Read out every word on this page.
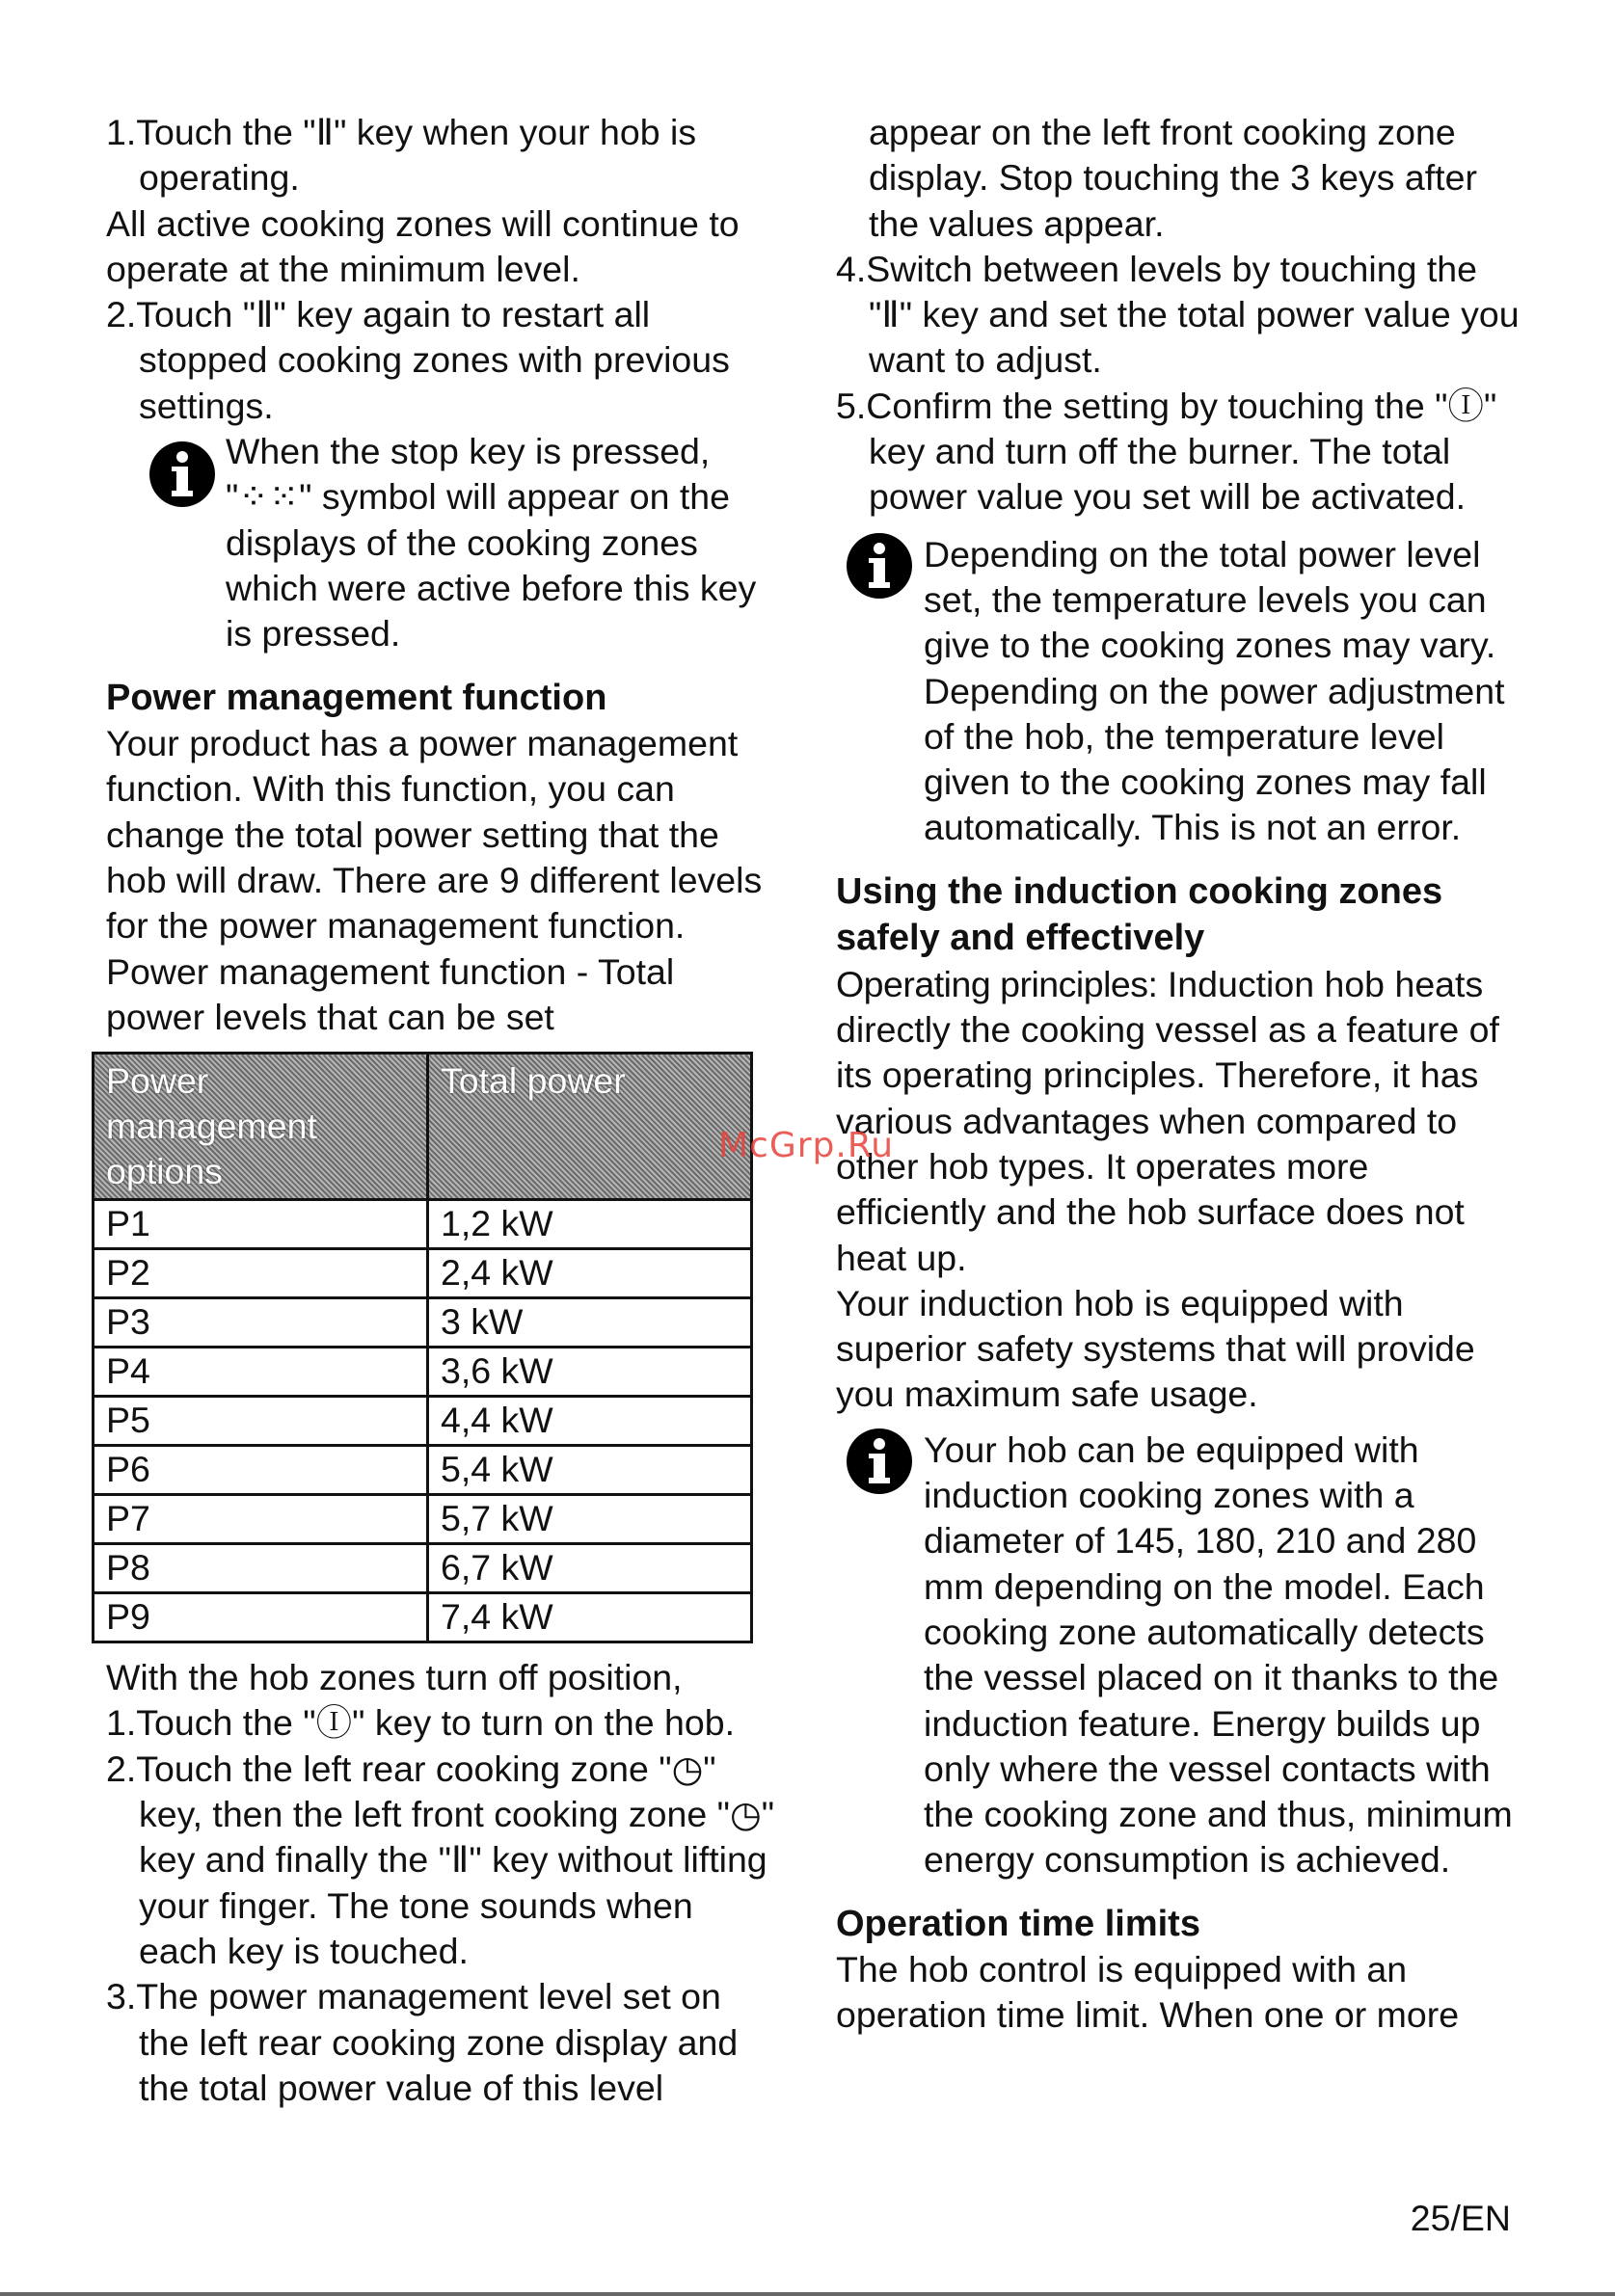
1.Touch the "Ⅱ" key when your hob is operating.

All active cooking zones will continue to operate at the minimum level.

2.Touch "Ⅱ" key again to restart all stopped cooking zones with previous settings.

When the stop key is pressed, "⁘⁙" symbol will appear on the displays of the cooking zones which were active before this key is pressed.

Power management function

Your product has a power management function. With this function, you can change the total power setting that the hob will draw. There are 9 different levels for the power management function.

Power management function - Total power levels that can be set

Power management options	Total power
P1	1,2 kW
P2	2,4 kW
P3	3 kW
P4	3,6 kW
P5	4,4 kW
P6	5,4 kW
P7	5,7 kW
P8	6,7 kW
P9	7,4 kW

With the hob zones turn off position,

1.Touch the "Ⓘ" key to turn on the hob.
2.Touch the left rear cooking zone "◷" key, then the left front cooking zone "◷" key and finally the "Ⅱ" key without lifting your finger. The tone sounds when each key is touched.
3.The power management level set on the left rear cooking zone display and the total power value of this level

appear on the left front cooking zone display. Stop touching the 3 keys after the values appear.

4.Switch between levels by touching the "Ⅱ" key and set the total power value you want to adjust.
5.Confirm the setting by touching the "Ⓘ" key and turn off the burner. The total power value you set will be activated.

Depending on the total power level set, the temperature levels you can give to the cooking zones may vary. Depending on the power adjustment of the hob, the temperature level given to the cooking zones may fall automatically. This is not an error.

Using the induction cooking zones safely and effectively

Operating principles: Induction hob heats directly the cooking vessel as a feature of its operating principles. Therefore, it has various advantages when compared to other hob types. It operates more efficiently and the hob surface does not heat up.

Your induction hob is equipped with superior safety systems that will provide you maximum safe usage.

Your hob can be equipped with induction cooking zones with a diameter of 145, 180, 210 and 280 mm depending on the model. Each cooking zone automatically detects the vessel placed on it thanks to the induction feature. Energy builds up only where the vessel contacts with the cooking zone and thus, minimum energy consumption is achieved.

Operation time limits

The hob control is equipped with an operation time limit. When one or more

McGrp.Ru
25/EN
